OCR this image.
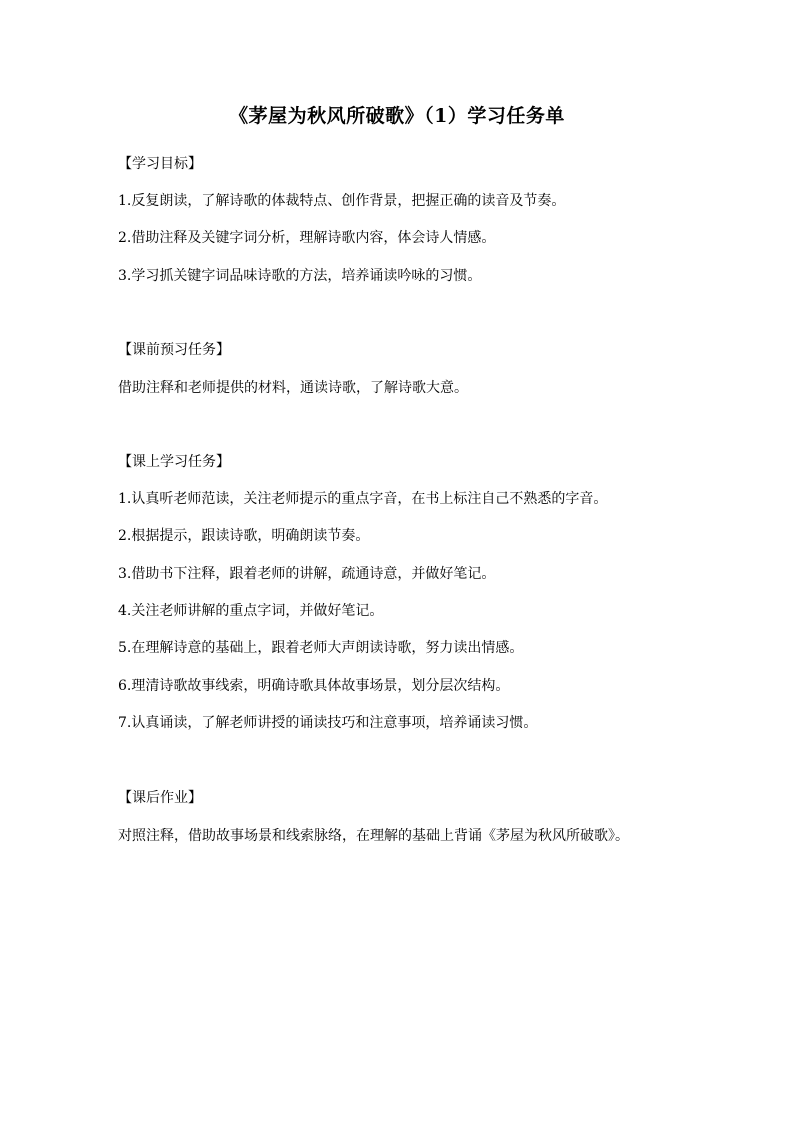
《茅屋为秋风所破歌》（1）学习任务单
【学习目标】
1.反复朗读，了解诗歌的体裁特点、创作背景，把握正确的读音及节奏。
2.借助注释及关键字词分析，理解诗歌内容，体会诗人情感。
3.学习抓关键字词品味诗歌的方法，培养诵读吟咏的习惯。
【课前预习任务】
借助注释和老师提供的材料，通读诗歌，了解诗歌大意。
【课上学习任务】
1.认真听老师范读，关注老师提示的重点字音，在书上标注自己不熟悉的字音。
2.根据提示，跟读诗歌，明确朗读节奏。
3.借助书下注释，跟着老师的讲解，疏通诗意，并做好笔记。
4.关注老师讲解的重点字词，并做好笔记。
5.在理解诗意的基础上，跟着老师大声朗读诗歌，努力读出情感。
6.理清诗歌故事线索，明确诗歌具体故事场景，划分层次结构。
7.认真诵读，了解老师讲授的诵读技巧和注意事项，培养诵读习惯。
【课后作业】
对照注释，借助故事场景和线索脉络，在理解的基础上背诵《茅屋为秋风所破歌》。
